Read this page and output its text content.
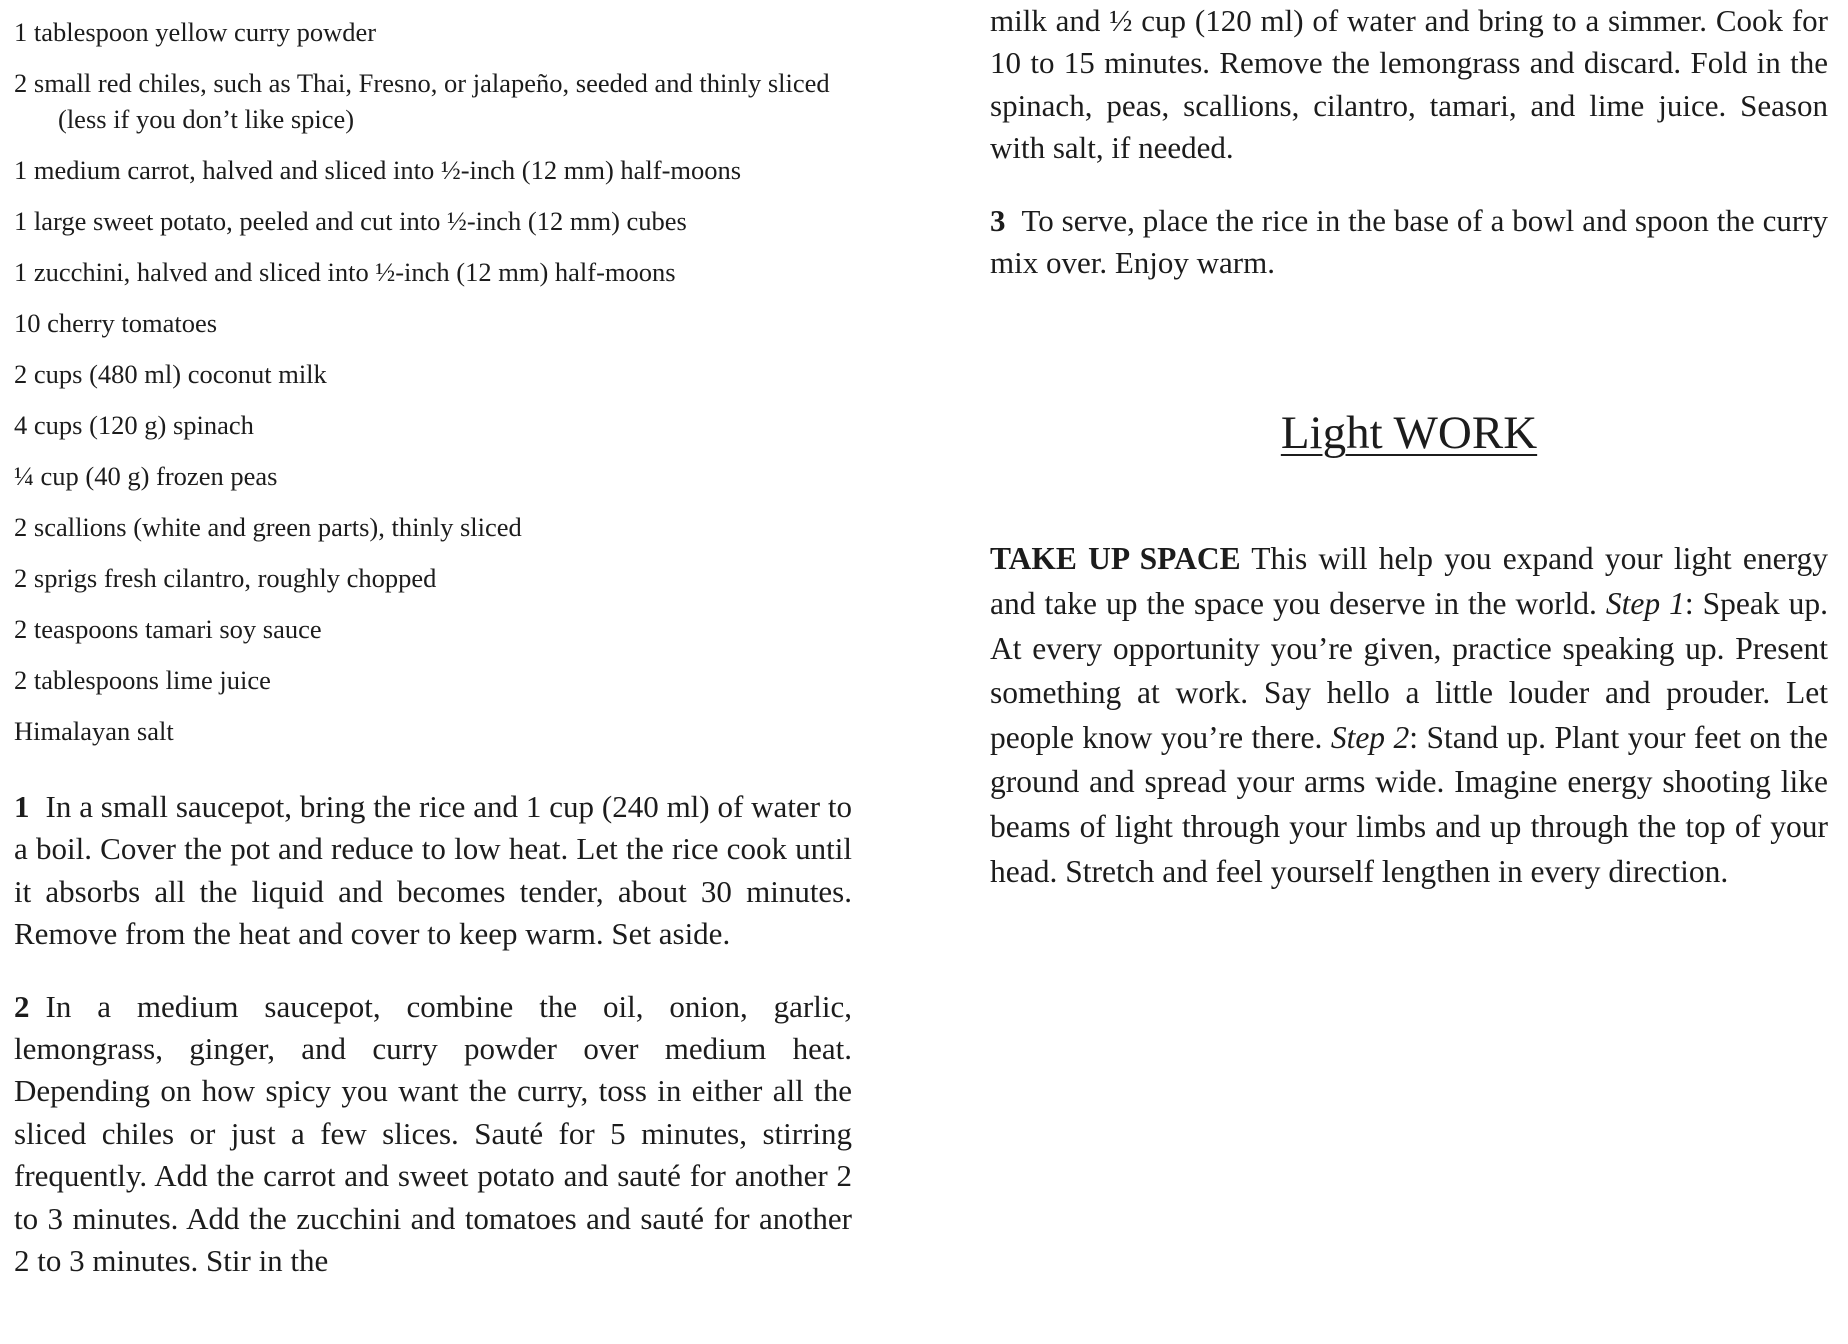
1 tablespoon yellow curry powder
2 small red chiles, such as Thai, Fresno, or jalapeño, seeded and thinly sliced (less if you don’t like spice)
1 medium carrot, halved and sliced into ½-inch (12 mm) half-moons
1 large sweet potato, peeled and cut into ½-inch (12 mm) cubes
1 zucchini, halved and sliced into ½-inch (12 mm) half-moons
10 cherry tomatoes
2 cups (480 ml) coconut milk
4 cups (120 g) spinach
¼ cup (40 g) frozen peas
2 scallions (white and green parts), thinly sliced
2 sprigs fresh cilantro, roughly chopped
2 teaspoons tamari soy sauce
2 tablespoons lime juice
Himalayan salt

1 In a small saucepot, bring the rice and 1 cup (240 ml) of water to a boil. Cover the pot and reduce to low heat. Let the rice cook until it absorbs all the liquid and becomes tender, about 30 minutes. Remove from the heat and cover to keep warm. Set aside.

2 In a medium saucepot, combine the oil, onion, garlic, lemongrass, ginger, and curry powder over medium heat. Depending on how spicy you want the curry, toss in either all the sliced chiles or just a few slices. Sauté for 5 minutes, stirring frequently. Add the carrot and sweet potato and sauté for another 2 to 3 minutes. Add the zucchini and tomatoes and sauté for another 2 to 3 minutes. Stir in the

milk and ½ cup (120 ml) of water and bring to a simmer. Cook for 10 to 15 minutes. Remove the lemongrass and discard. Fold in the spinach, peas, scallions, cilantro, tamari, and lime juice. Season with salt, if needed.

3 To serve, place the rice in the base of a bowl and spoon the curry mix over. Enjoy warm.

Light WORK

TAKE UP SPACE This will help you expand your light energy and take up the space you deserve in the world. Step 1: Speak up. At every opportunity you’re given, practice speaking up. Present something at work. Say hello a little louder and prouder. Let people know you’re there. Step 2: Stand up. Plant your feet on the ground and spread your arms wide. Imagine energy shooting like beams of light through your limbs and up through the top of your head. Stretch and feel yourself lengthen in every direction.
